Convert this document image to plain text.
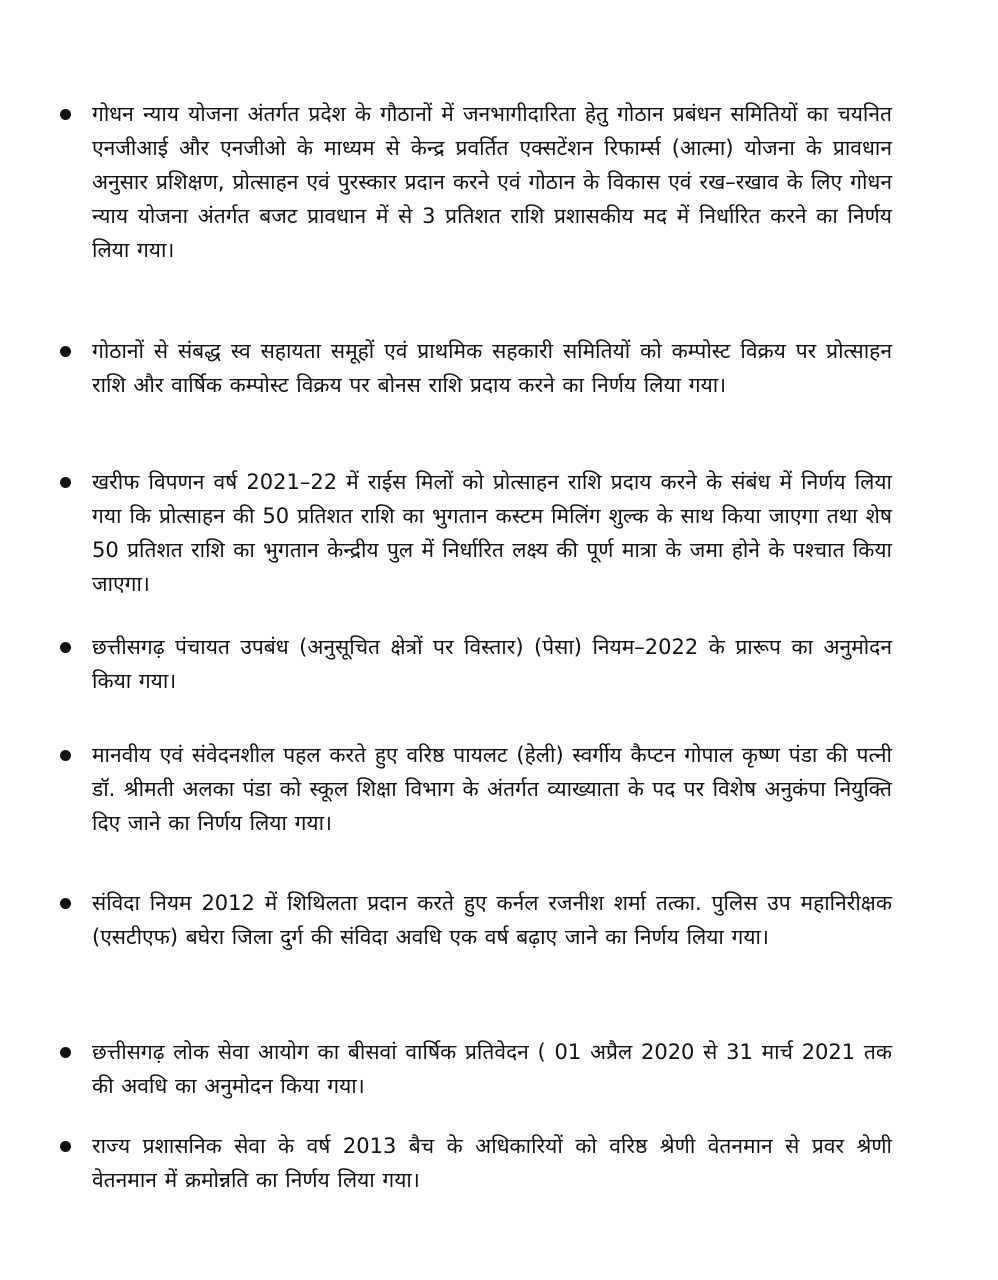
गोधन न्याय योजना अंतर्गत प्रदेश के गौठानों में जनभागीदारिता हेतु गोठान प्रबंधन समितियों का चयनित एनजीआई और एनजीओ के माध्यम से केन्द्र प्रवर्तित एक्सटेंशन रिफार्म्स (आत्मा) योजना के प्रावधान अनुसार प्रशिक्षण, प्रोत्साहन एवं पुरस्कार प्रदान करने एवं गोठान के विकास एवं रख–रखाव के लिए गोधन न्याय योजना अंतर्गत बजट प्रावधान में से 3 प्रतिशत राशि प्रशासकीय मद में निर्धारित करने का निर्णय लिया गया।

गोठानों से संबद्ध स्व सहायता समूहों एवं प्राथमिक सहकारी समितियों को कम्पोस्ट विक्रय पर प्रोत्साहन राशि और वार्षिक कम्पोस्ट विक्रय पर बोनस राशि प्रदाय करने का निर्णय लिया गया।

खरीफ विपणन वर्ष 2021–22 में राईस मिलों को प्रोत्साहन राशि प्रदाय करने के संबंध में निर्णय लिया गया कि प्रोत्साहन की 50 प्रतिशत राशि का भुगतान कस्टम मिलिंग शुल्क के साथ किया जाएगा तथा शेष 50 प्रतिशत राशि का भुगतान केन्द्रीय पुल में निर्धारित लक्ष्य की पूर्ण मात्रा के जमा होने के पश्चात किया जाएगा।

छत्तीसगढ़ पंचायत उपबंध (अनुसूचित क्षेत्रों पर विस्तार) (पेसा) नियम–2022 के प्रारूप का अनुमोदन किया गया।

मानवीय एवं संवेदनशील पहल करते हुए वरिष्ठ पायलट (हेली) स्वर्गीय कैप्टन गोपाल कृष्ण पंडा की पत्नी डॉ. श्रीमती अलका पंडा को स्कूल शिक्षा विभाग के अंतर्गत व्याख्याता के पद पर विशेष अनुकंपा नियुक्ति दिए जाने का निर्णय लिया गया।

संविदा नियम 2012 में शिथिलता प्रदान करते हुए कर्नल रजनीश शर्मा तत्का. पुलिस उप महानिरीक्षक (एसटीएफ) बघेरा जिला दुर्ग की संविदा अवधि एक वर्ष बढ़ाए जाने का निर्णय लिया गया।

छत्तीसगढ़ लोक सेवा आयोग का बीसवां वार्षिक प्रतिवेदन ( 01 अप्रैल 2020 से 31 मार्च 2021 तक की अवधि का अनुमोदन किया गया।

राज्य प्रशासनिक सेवा के वर्ष 2013 बैच के अधिकारियों को वरिष्ठ श्रेणी वेतनमान से प्रवर श्रेणी वेतनमान में क्रमोन्नति का निर्णय लिया गया।
